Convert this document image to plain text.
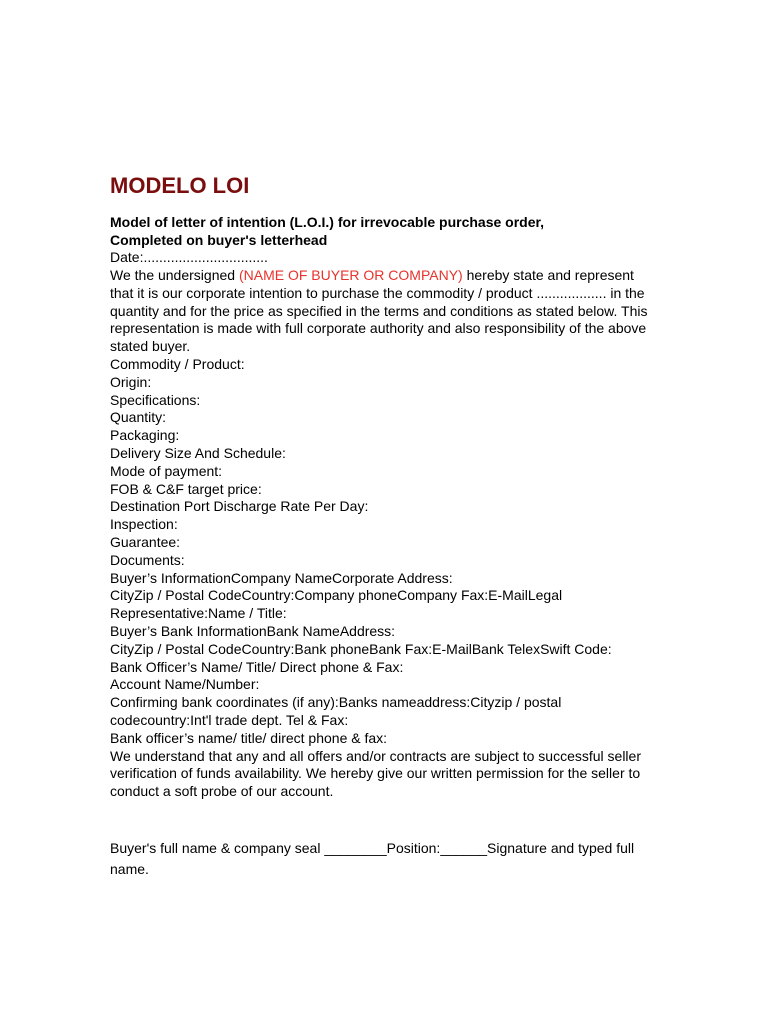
MODELO LOI
Model of letter of intention (L.O.I.) for irrevocable purchase order,
Completed on buyer's letterhead

Date:................................

We the undersigned (NAME OF BUYER OR COMPANY) hereby state and represent that it is our corporate intention to purchase the commodity / product .................. in the quantity and for the price as specified in the terms and conditions as stated below. This representation is made with full corporate authority and also responsibility of the above stated buyer.

Commodity / Product:
Origin:
Specifications:
Quantity:
Packaging:
Delivery Size And Schedule:
Mode of payment:
FOB & C&F target price:
Destination Port Discharge Rate Per Day:
Inspection:
Guarantee:
Documents:
Buyer’s InformationCompany NameCorporate Address:
CityZip / Postal CodeCountry:Company phoneCompany Fax:E-MailLegal Representative:Name / Title:
Buyer’s Bank InformationBank NameAddress:
CityZip / Postal CodeCountry:Bank phoneBank Fax:E-MailBank TelexSwift Code:
Bank Officer’s Name/ Title/ Direct phone & Fax:
Account Name/Number:
Confirming bank coordinates (if any):Banks nameaddress:Cityzip / postal codecountry:Int'l trade dept. Tel & Fax:
Bank officer’s name/ title/ direct phone & fax:

We understand that any and all offers and/or contracts are subject to successful seller verification of funds availability. We hereby give our written permission for the seller to conduct a soft probe of our account.

Buyer's full name & company seal ________Position:______Signature and typed full name.
